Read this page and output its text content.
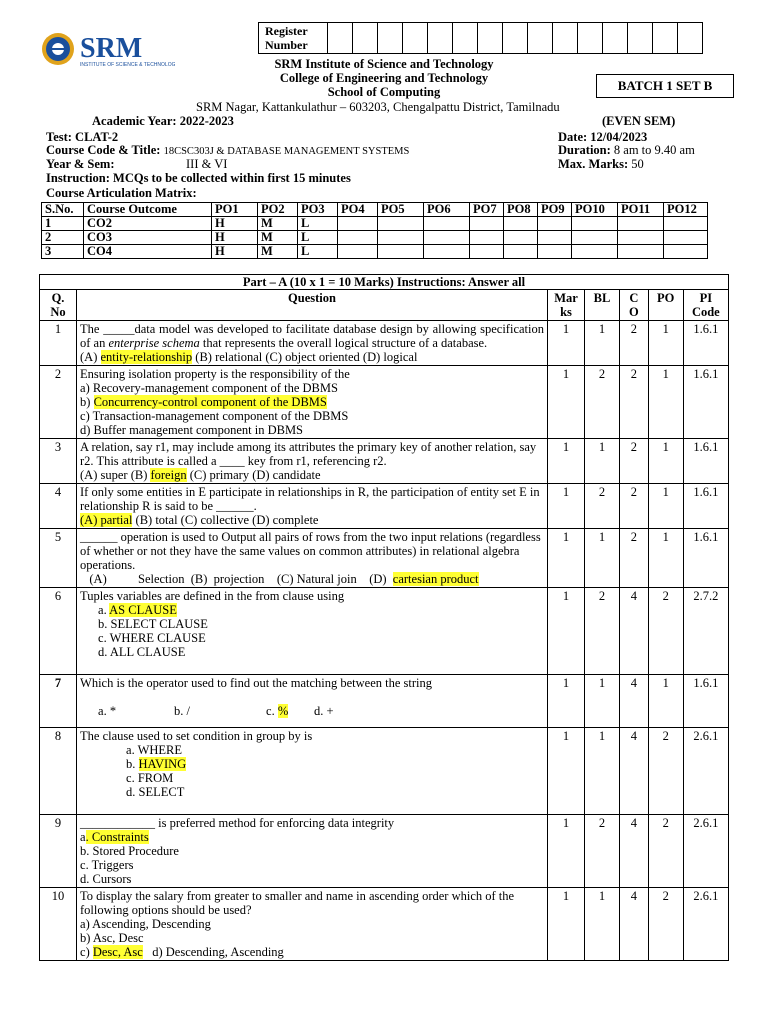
SRM
INSTITUTE OF SCIENCE & TECHNOLOGY
Register Number															
SRM Institute of Science and Technology
College of Engineering and Technology
School of Computing	BATCH 1 SET B
SRM Nagar, Kattankulathur – 603203, Chengalpattu District, Tamilnadu
Academic Year: 2022-2023	(EVEN SEM)
Test: CLAT-2	Date: 12/04/2023
Course Code & Title: 18CSC303J & DATABASE MANAGEMENT SYSTEMS	Duration: 8 am to 9.40 am
Year & Sem:	III & VI	Max. Marks: 50
Instruction: MCQs to be collected within first 15 minutes
Course Articulation Matrix:
S.No.	Course Outcome	PO1	PO2	PO3	PO4	PO5	PO6	PO7	PO8	PO9	PO10	PO11	PO12
1	CO2	H	M	L									
2	CO3	H	M	L									
3	CO4	H	M	L									
Part – A (10 x 1 = 10 Marks) Instructions: Answer all						
Q. No	Question	Mar ks	BL	C O	PO	PI Code
1	The _____data model was developed to facilitate database design by allowing specification of an enterprise schema that represents the overall logical structure of a database.
(A) entity-relationship (B) relational (C) object oriented (D) logical	1	1	2	1	1.6.1
2	Ensuring isolation property is the responsibility of the
a) Recovery-management component of the DBMS
b) Concurrency-control component of the DBMS
c) Transaction-management component of the DBMS
d) Buffer management component in DBMS	1	2	2	1	1.6.1
3	A relation, say r1, may include among its attributes the primary key of another relation, say r2. This attribute is called a ____ key from r1, referencing r2.
(A) super (B) foreign (C) primary (D) candidate	1	1	2	1	1.6.1
4	If only some entities in E participate in relationships in R, the participation of entity set E in relationship R is said to be ______.
(A) partial (B) total (C) collective (D) complete	1	2	2	1	1.6.1
5	______ operation is used to Output all pairs of rows from the two input relations (regardless of whether or not they have the same values on common attributes) in relational algebra operations.
(A)          Selection  (B)  projection    (C) Natural join    (D)  cartesian product	1	1	2	1	1.6.1
6	Tuples variables are defined in the from clause using
a. AS CLAUSE
b. SELECT CLAUSE
c. WHERE CLAUSE
d. ALL CLAUSE	1	2	4	2	2.7.2
7	Which is the operator used to find out the matching between the string
a. * b. / c. % d. +	1	1	4	1	1.6.1
8	The clause used to set condition in group by is
a. WHERE
b. HAVING
c. FROM
d. SELECT	1	1	4	2	2.6.1
9	____________ is preferred method for enforcing data integrity
a. Constraints
b. Stored Procedure
c. Triggers
d. Cursors	1	2	4	2	2.6.1
10	To display the salary from greater to smaller and name in ascending order which of the following options should be used?
a) Ascending, Descending
b) Asc, Desc
c) Desc, Asc   d) Descending, Ascending	1	1	4	2	2.6.1
